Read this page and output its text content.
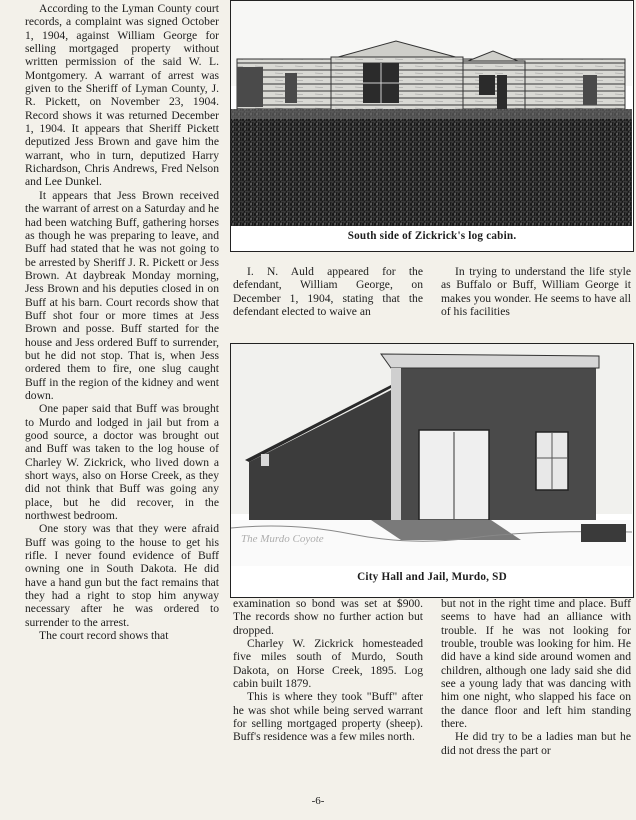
According to the Lyman County court records, a complaint was signed October 1, 1904, against William George for selling mortgaged property without written permission of the said W. L. Montgomery. A warrant of arrest was given to the Sheriff of Lyman County, J. R. Pickett, on November 23, 1904. Record shows it was returned December 1, 1904. It appears that Sheriff Pickett deputized Jess Brown and gave him the warrant, who in turn, deputized Harry Richardson, Chris Andrews, Fred Nelson and Lee Dunkel.

It appears that Jess Brown received the warrant of arrest on a Saturday and he had been watching Buff, gathering horses as though he was preparing to leave, and Buff had stated that he was not going to be arrested by Sheriff J. R. Pickett or Jess Brown. At daybreak Monday morning, Jess Brown and his deputies closed in on Buff at his barn. Court records show that Buff shot four or more times at Jess Brown and posse. Buff started for the house and Jess ordered Buff to surrender, but he did not stop. That is, when Jess ordered them to fire, one slug caught Buff in the region of the kidney and went down.

One paper said that Buff was brought to Murdo and lodged in jail but from a good source, a doctor was brought out and Buff was taken to the log house of Charley W. Zickrick, who lived down a short ways, also on Horse Creek, as they did not think that Buff was going any place, but he did recover, in the northwest bedroom.

One story was that they were afraid Buff was going to the house to get his rifle. I never found evidence of Buff owning one in South Dakota. He did have a hand gun but the fact remains that they had a right to stop him anyway necessary after he was ordered to surrender to the arrest.

The court record shows that

South side of Zickrick's log cabin.

I. N. Auld appeared for the defendant, William George, on December 1, 1904, stating that the defendant elected to waive an

In trying to understand the life style as Buffalo or Buff, William George it makes you wonder. He seems to have all of his facilities

The Murdo Coyote
City Hall and Jail, Murdo, SD

examination so bond was set at $900. The records show no further action but dropped.

Charley W. Zickrick homesteaded five miles south of Murdo, South Dakota, on Horse Creek, 1895. Log cabin built 1879.

This is where they took "Buff" after he was shot while being served warrant for selling mortgaged property (sheep). Buff's residence was a few miles north.

but not in the right time and place. Buff seems to have had an alliance with trouble. If he was not looking for trouble, trouble was looking for him. He did have a kind side around women and children, although one lady said she did see a young lady that was dancing with him one night, who slapped his face on the dance floor and left him standing there.

He did try to be a ladies man but he did not dress the part or

-6-
